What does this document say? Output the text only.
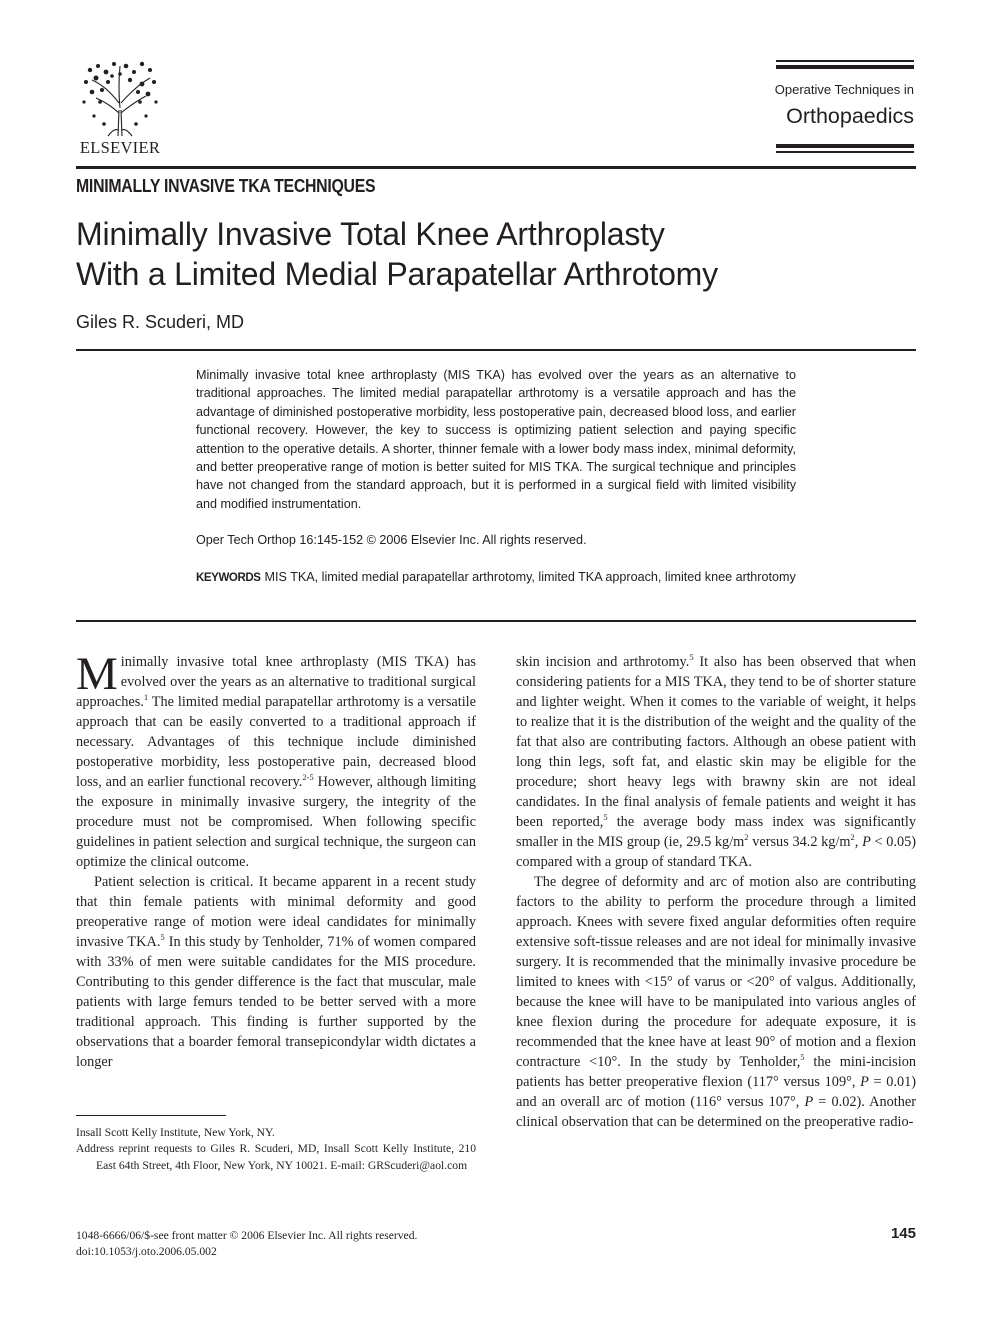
ELSEVIER
Operative Techniques in
Orthopaedics
MINIMALLY INVASIVE TKA TECHNIQUES
Minimally Invasive Total Knee Arthroplasty
With a Limited Medial Parapatellar Arthrotomy
Giles R. Scuderi, MD
Minimally invasive total knee arthroplasty (MIS TKA) has evolved over the years as an alternative to traditional approaches. The limited medial parapatellar arthrotomy is a versatile approach and has the advantage of diminished postoperative morbidity, less postoperative pain, decreased blood loss, and earlier functional recovery. However, the key to success is optimizing patient selection and paying specific attention to the operative details. A shorter, thinner female with a lower body mass index, minimal deformity, and better preoperative range of motion is better suited for MIS TKA. The surgical technique and principles have not changed from the standard approach, but it is performed in a surgical field with limited visibility and modified instrumentation.
Oper Tech Orthop 16:145-152 © 2006 Elsevier Inc. All rights reserved.
KEYWORDS MIS TKA, limited medial parapatellar arthrotomy, limited TKA approach, limited knee arthrotomy

Minimally invasive total knee arthroplasty (MIS TKA) has evolved over the years as an alternative to traditional surgical approaches.$^1$ The limited medial parapatellar arthrotomy is a versatile approach that can be easily converted to a traditional approach if necessary. Advantages of this technique include diminished postoperative morbidity, less postoperative pain, decreased blood loss, and an earlier functional recovery.$^{2-5}$ However, although limiting the exposure in minimally invasive surgery, the integrity of the procedure must not be compromised. When following specific guidelines in patient selection and surgical technique, the surgeon can optimize the clinical outcome.

Patient selection is critical. It became apparent in a recent study that thin female patients with minimal deformity and good preoperative range of motion were ideal candidates for minimally invasive TKA.$^5$ In this study by Tenholder, 71% of women compared with 33% of men were suitable candidates for the MIS procedure. Contributing to this gender difference is the fact that muscular, male patients with large femurs tended to be better served with a more traditional approach. This finding is further supported by the observations that a boarder femoral transepicondylar width dictates a longer

skin incision and arthrotomy.$^5$ It also has been observed that when considering patients for a MIS TKA, they tend to be of shorter stature and lighter weight. When it comes to the variable of weight, it helps to realize that it is the distribution of the weight and the quality of the fat that also are contributing factors. Although an obese patient with long thin legs, soft fat, and elastic skin may be eligible for the procedure; short heavy legs with brawny skin are not ideal candidates. In the final analysis of female patients and weight it has been reported,$^5$ the average body mass index was significantly smaller in the MIS group (ie, 29.5 $kg/m^2$ versus 34.2 $kg/m^2$, P < 0.05) compared with a group of standard TKA.

The degree of deformity and arc of motion also are contributing factors to the ability to perform the procedure through a limited approach. Knees with severe fixed angular deformities often require extensive soft-tissue releases and are not ideal for minimally invasive surgery. It is recommended that the minimally invasive procedure be limited to knees with <15° of varus or <20° of valgus. Additionally, because the knee will have to be manipulated into various angles of knee flexion during the procedure for adequate exposure, it is recommended that the knee have at least 90° of motion and a flexion contracture <10°. In the study by Tenholder,$^5$ the mini-incision patients has better preoperative flexion (117° versus 109°, P = 0.01) and an overall arc of motion (116° versus 107°, P = 0.02). Another clinical observation that can be determined on the preoperative radio-

Insall Scott Kelly Institute, New York, NY.

Address reprint requests to Giles R. Scuderi, MD, Insall Scott Kelly Institute, 210 East 64th Street, 4th Floor, New York, NY 10021. E-mail: GRScuderi@aol.com

1048-6666/06/$-see front matter © 2006 Elsevier Inc. All rights reserved.
doi:10.1053/j.oto.2006.05.002
145
